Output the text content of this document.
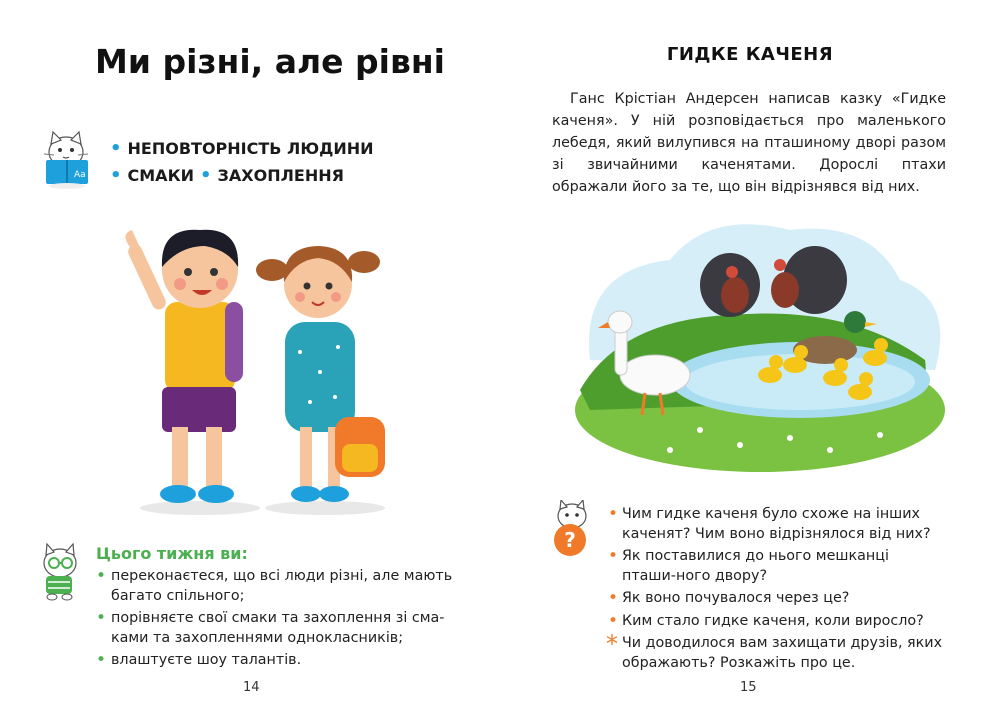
Ми різні, але рівні
Аа
• НЕПОВТОРНІСТЬ ЛЮДИНИ
• СМАКИ • ЗАХОПЛЕННЯ
Цього тижня ви:
• переконаєтеся, що всі люди різні, але мають багато спільного;
• порівняєте свої смаки та захоплення зі сма-ками та захопленнями однокласників;
• влаштуєте шоу талантів.
14
ГИДКЕ КАЧЕНЯ

Ганс Крістіан Андерсен написав казку «Гидке каченя». У ній розповідається про маленького лебедя, який вилупився на пташиному дворі разом зі звичайними каченятами. Дорослі птахи ображали його за те, що він відрізнявся від них.

?
• Чим гидке каченя було схоже на інших каченят? Чим воно відрізнялося від них?
• Як поставилися до нього мешканці пташи-ного двору?
• Як воно почувалося через це?
• Ким стало гидке каченя, коли виросло?
* Чи доводилося вам захищати друзів, яких ображають? Розкажіть про це.
15
